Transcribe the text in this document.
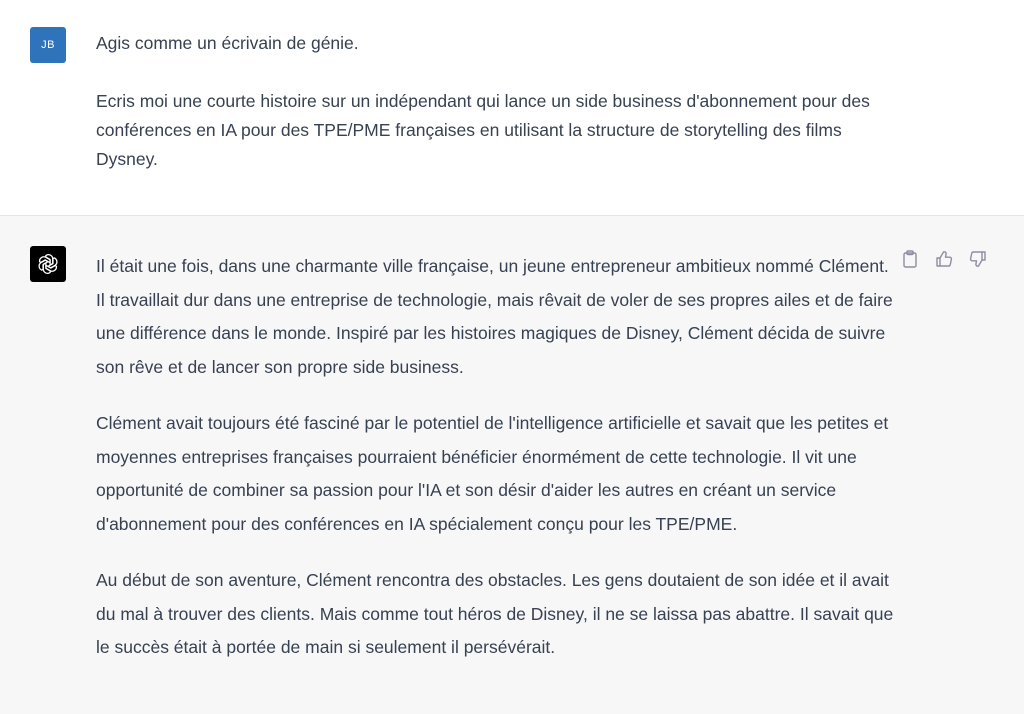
JB Agis comme un écrivain de génie.

Ecris moi une courte histoire sur un indépendant qui lance un side business d'abonnement pour des conférences en IA pour des TPE/PME françaises en utilisant la structure de storytelling des films Dysney.

Il était une fois, dans une charmante ville française, un jeune entrepreneur ambitieux nommé Clément. Il travaillait dur dans une entreprise de technologie, mais rêvait de voler de ses propres ailes et de faire une différence dans le monde. Inspiré par les histoires magiques de Disney, Clément décida de suivre son rêve et de lancer son propre side business.

Clément avait toujours été fasciné par le potentiel de l'intelligence artificielle et savait que les petites et moyennes entreprises françaises pourraient bénéficier énormément de cette technologie. Il vit une opportunité de combiner sa passion pour l'IA et son désir d'aider les autres en créant un service d'abonnement pour des conférences en IA spécialement conçu pour les TPE/PME.

Au début de son aventure, Clément rencontra des obstacles. Les gens doutaient de son idée et il avait du mal à trouver des clients. Mais comme tout héros de Disney, il ne se laissa pas abattre. Il savait que le succès était à portée de main si seulement il persévérait.
